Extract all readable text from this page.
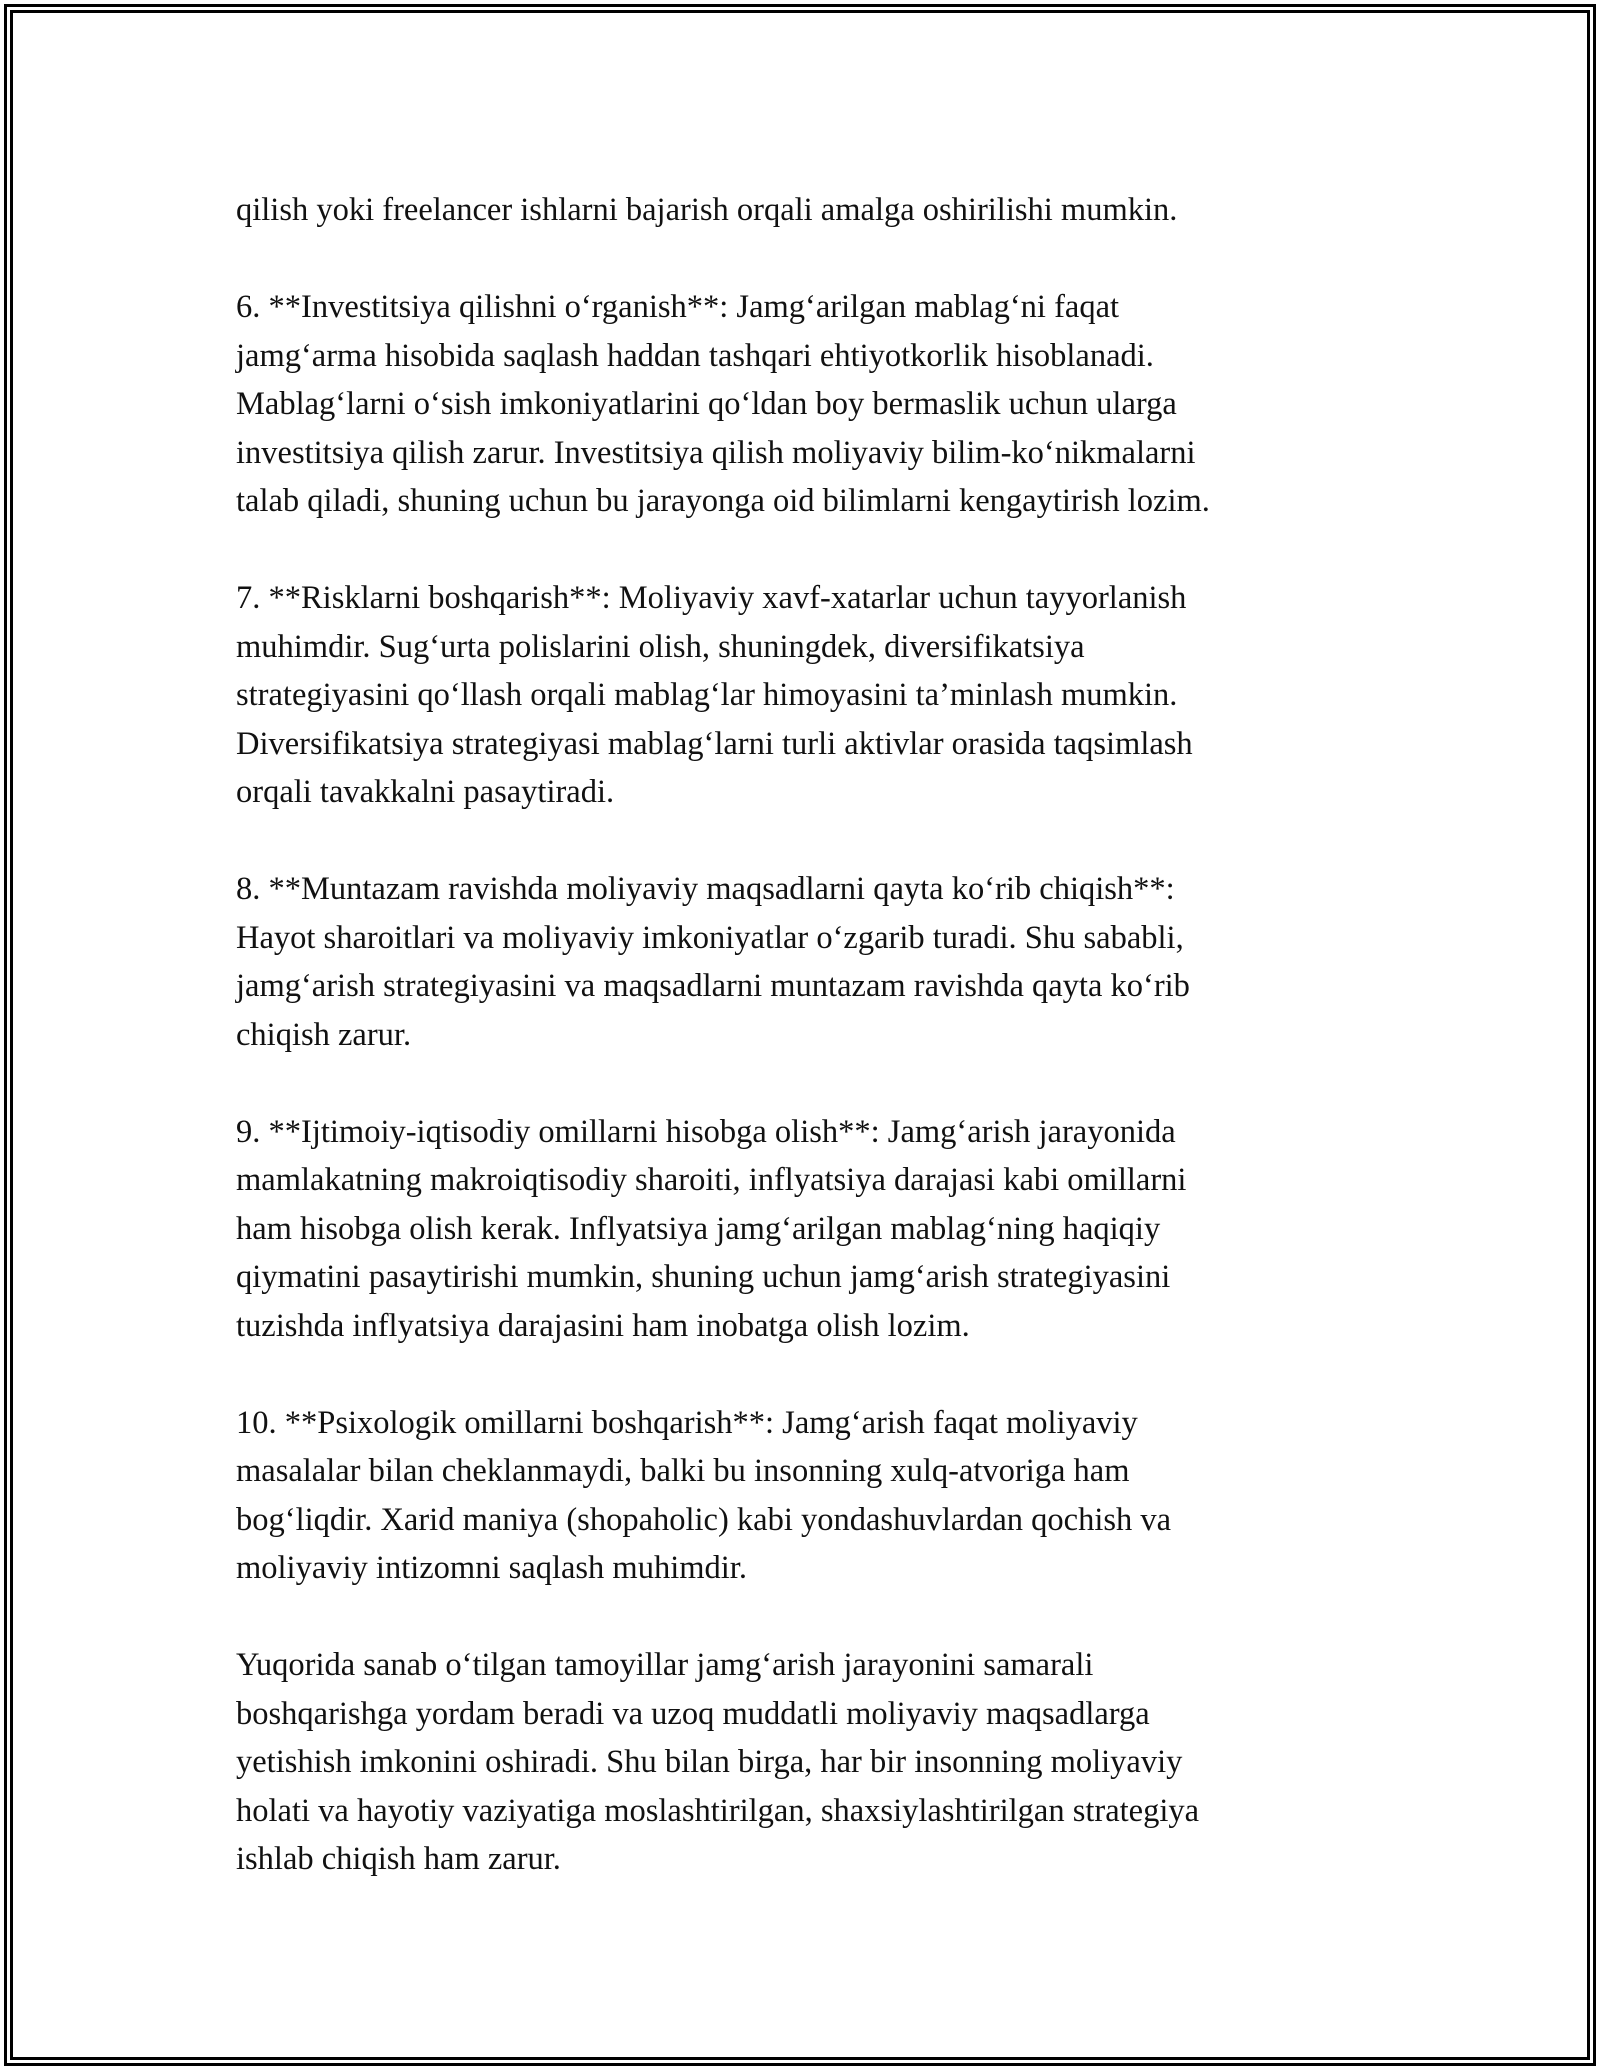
qilish yoki freelancer ishlarni bajarish orqali amalga oshirilishi mumkin.

6. **Investitsiya qilishni o‘rganish**: Jamg‘arilgan mablag‘ni faqat
jamg‘arma hisobida saqlash haddan tashqari ehtiyotkorlik hisoblanadi.
Mablag‘larni o‘sish imkoniyatlarini qo‘ldan boy bermaslik uchun ularga
investitsiya qilish zarur. Investitsiya qilish moliyaviy bilim-ko‘nikmalarni
talab qiladi, shuning uchun bu jarayonga oid bilimlarni kengaytirish lozim.

7. **Risklarni boshqarish**: Moliyaviy xavf-xatarlar uchun tayyorlanish
muhimdir. Sug‘urta polislarini olish, shuningdek, diversifikatsiya
strategiyasini qo‘llash orqali mablag‘lar himoyasini ta’minlash mumkin.
Diversifikatsiya strategiyasi mablag‘larni turli aktivlar orasida taqsimlash
orqali tavakkalni pasaytiradi.

8. **Muntazam ravishda moliyaviy maqsadlarni qayta ko‘rib chiqish**:
Hayot sharoitlari va moliyaviy imkoniyatlar o‘zgarib turadi. Shu sababli,
jamg‘arish strategiyasini va maqsadlarni muntazam ravishda qayta ko‘rib
chiqish zarur.

9. **Ijtimoiy-iqtisodiy omillarni hisobga olish**: Jamg‘arish jarayonida
mamlakatning makroiqtisodiy sharoiti, inflyatsiya darajasi kabi omillarni
ham hisobga olish kerak. Inflyatsiya jamg‘arilgan mablag‘ning haqiqiy
qiymatini pasaytirishi mumkin, shuning uchun jamg‘arish strategiyasini
tuzishda inflyatsiya darajasini ham inobatga olish lozim.

10. **Psixologik omillarni boshqarish**: Jamg‘arish faqat moliyaviy
masalalar bilan cheklanmaydi, balki bu insonning xulq-atvoriga ham
bog‘liqdir. Xarid maniya (shopaholic) kabi yondashuvlardan qochish va
moliyaviy intizomni saqlash muhimdir.

Yuqorida sanab o‘tilgan tamoyillar jamg‘arish jarayonini samarali
boshqarishga yordam beradi va uzoq muddatli moliyaviy maqsadlarga
yetishish imkonini oshiradi. Shu bilan birga, har bir insonning moliyaviy
holati va hayotiy vaziyatiga moslashtirilgan, shaxsiylashtirilgan strategiya
ishlab chiqish ham zarur.
